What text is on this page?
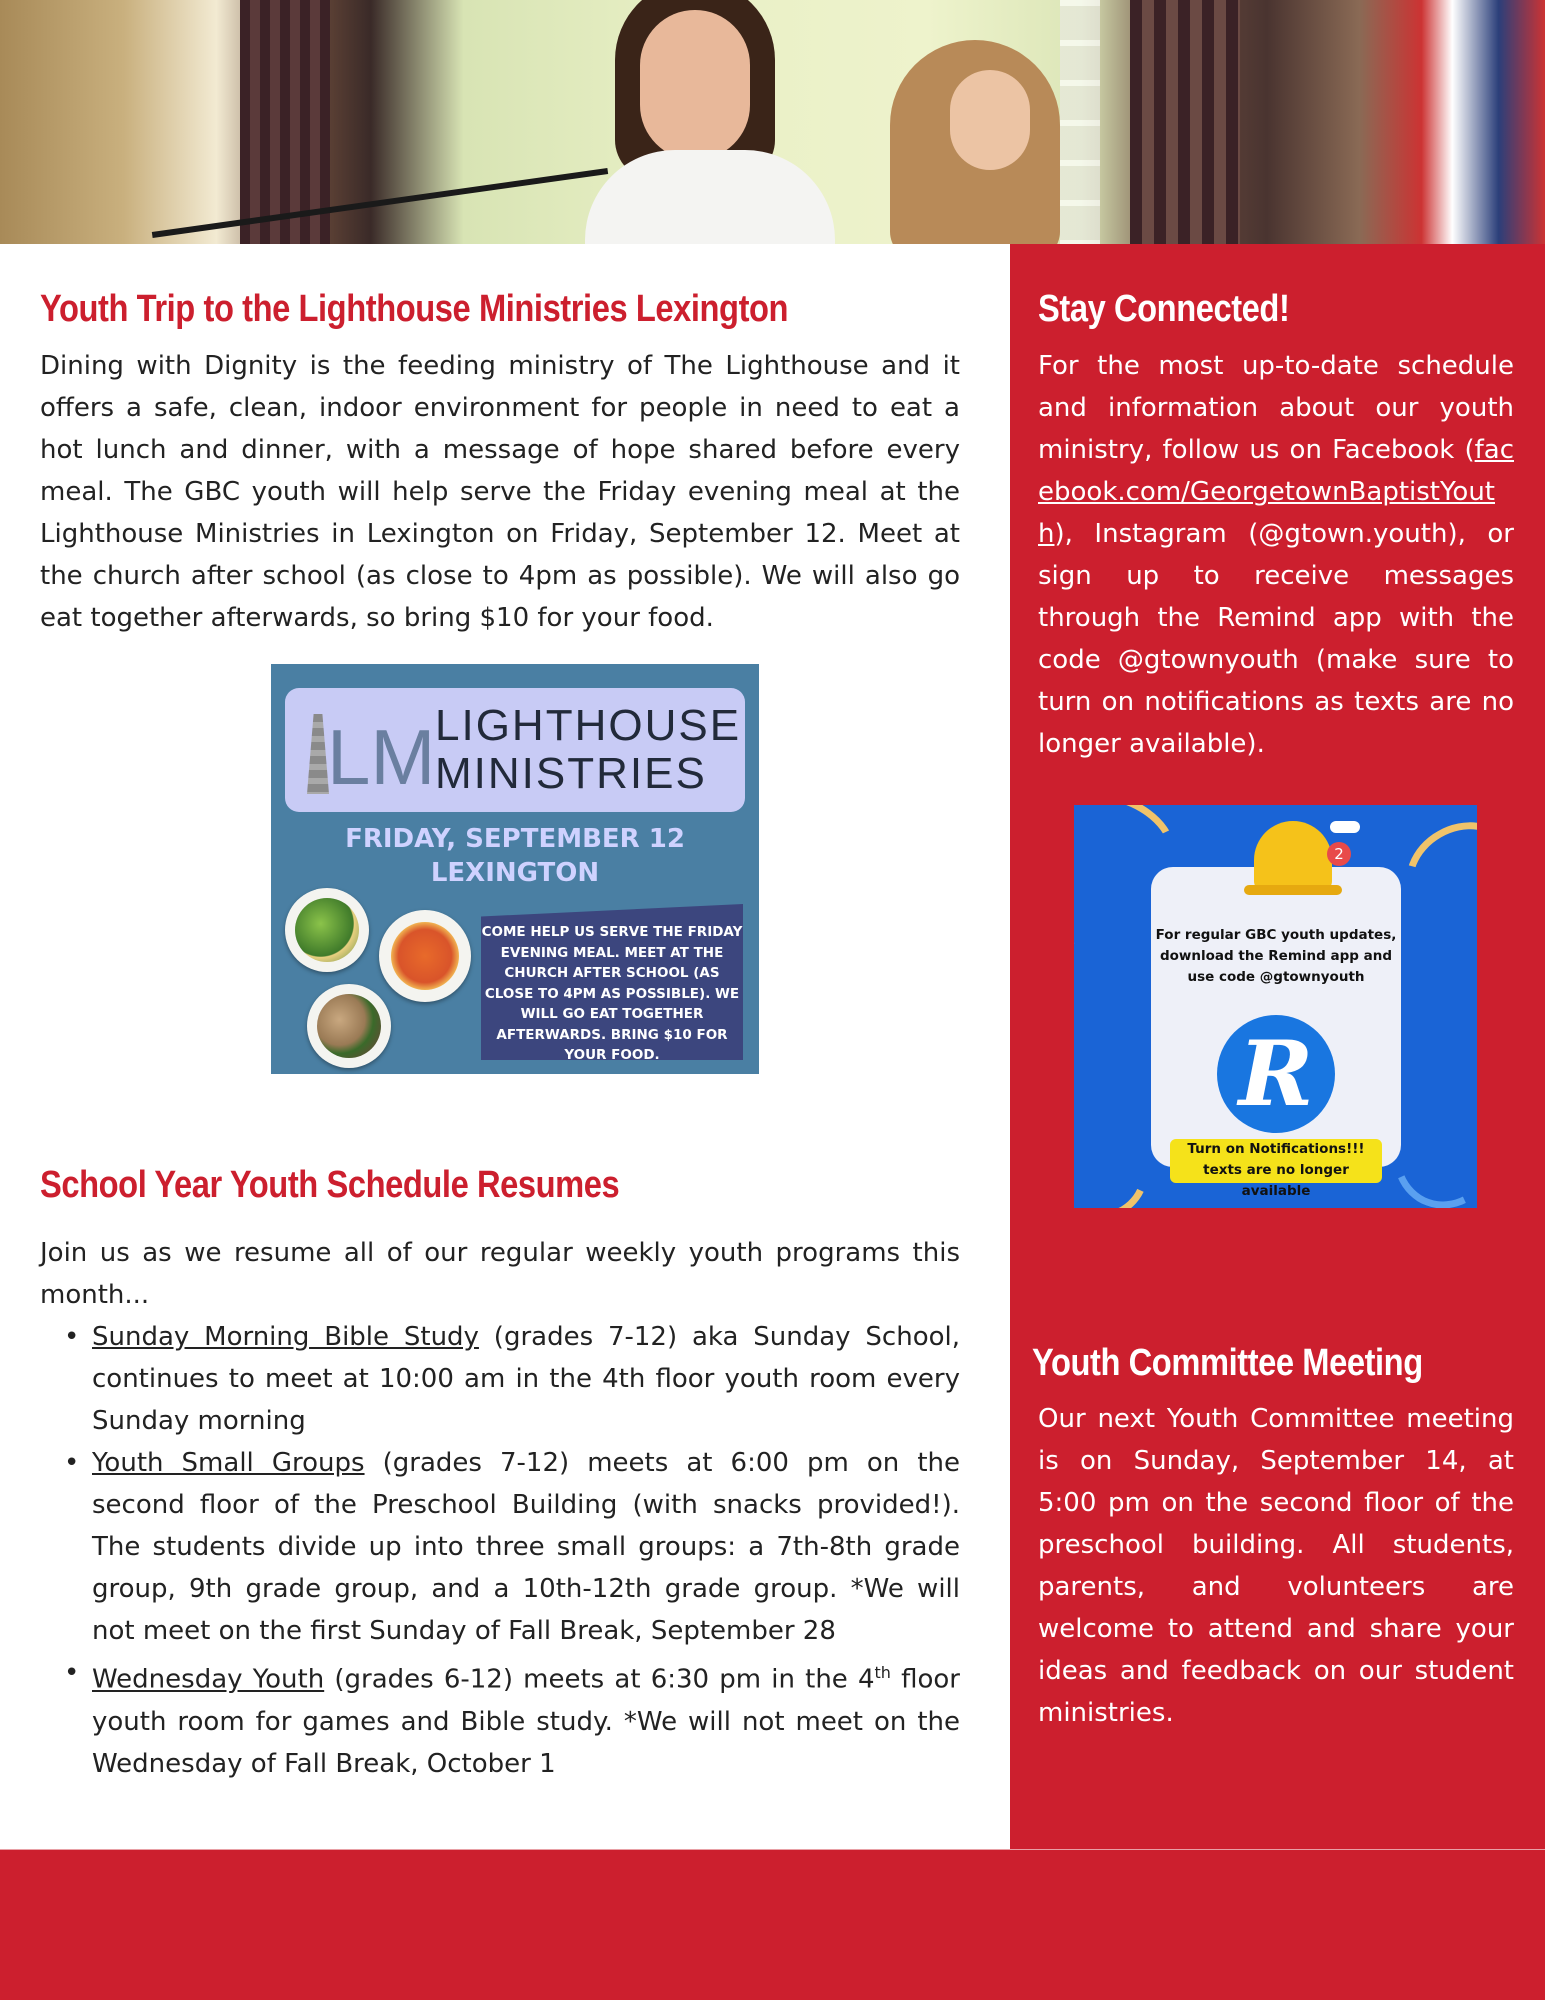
Youth Trip to the Lighthouse Ministries Lexington

Dining with Dignity is the feeding ministry of The Lighthouse and it offers a safe, clean, indoor environment for people in need to eat a hot lunch and dinner, with a message of hope shared before every meal. The GBC youth will help serve the Friday evening meal at the Lighthouse Ministries in Lexington on Friday, September 12. Meet at the church after school (as close to 4pm as possible). We will also go eat together afterwards, so bring $10 for your food.

LM LIGHTHOUSE
MINISTRIES
FRIDAY, SEPTEMBER 12
LEXINGTON
COME HELP US SERVE THE FRIDAY EVENING MEAL. MEET AT THE CHURCH AFTER SCHOOL (AS CLOSE TO 4PM AS POSSIBLE). WE WILL GO EAT TOGETHER AFTERWARDS. BRING $10 FOR YOUR FOOD.
School Year Youth Schedule Resumes

Join us as we resume all of our regular weekly youth programs this month...

• Sunday Morning Bible Study (grades 7-12) aka Sunday School, continues to meet at 10:00 am in the 4th floor youth room every Sunday morning
• Youth Small Groups (grades 7-12) meets at 6:00 pm on the second floor of the Preschool Building (with snacks provided!). The students divide up into three small groups: a 7th-8th grade group, 9th grade group, and a 10th-12th grade group. *We will not meet on the first Sunday of Fall Break, September 28
• Wednesday Youth (grades 6-12) meets at 6:30 pm in the 4th floor youth room for games and Bible study. *We will not meet on the Wednesday of Fall Break, October 1
Stay Connected!

For the most up-to-date schedule and information about our youth ministry, follow us on Facebook (facebook.com/GeorgetownBaptistYouth), Instagram (@gtown.youth), or sign up to receive messages through the Remind app with the code @gtownyouth (make sure to turn on notifications as texts are no longer available).

2
For regular GBC youth updates, download the Remind app and use code @gtownyouth
R
Turn on Notifications!!!
texts are no longer available
Youth Committee Meeting

Our next Youth Committee meeting is on Sunday, September 14, at 5:00 pm on the second floor of the preschool building. All students, parents, and volunteers are welcome to attend and share your ideas and feedback on our student ministries.
